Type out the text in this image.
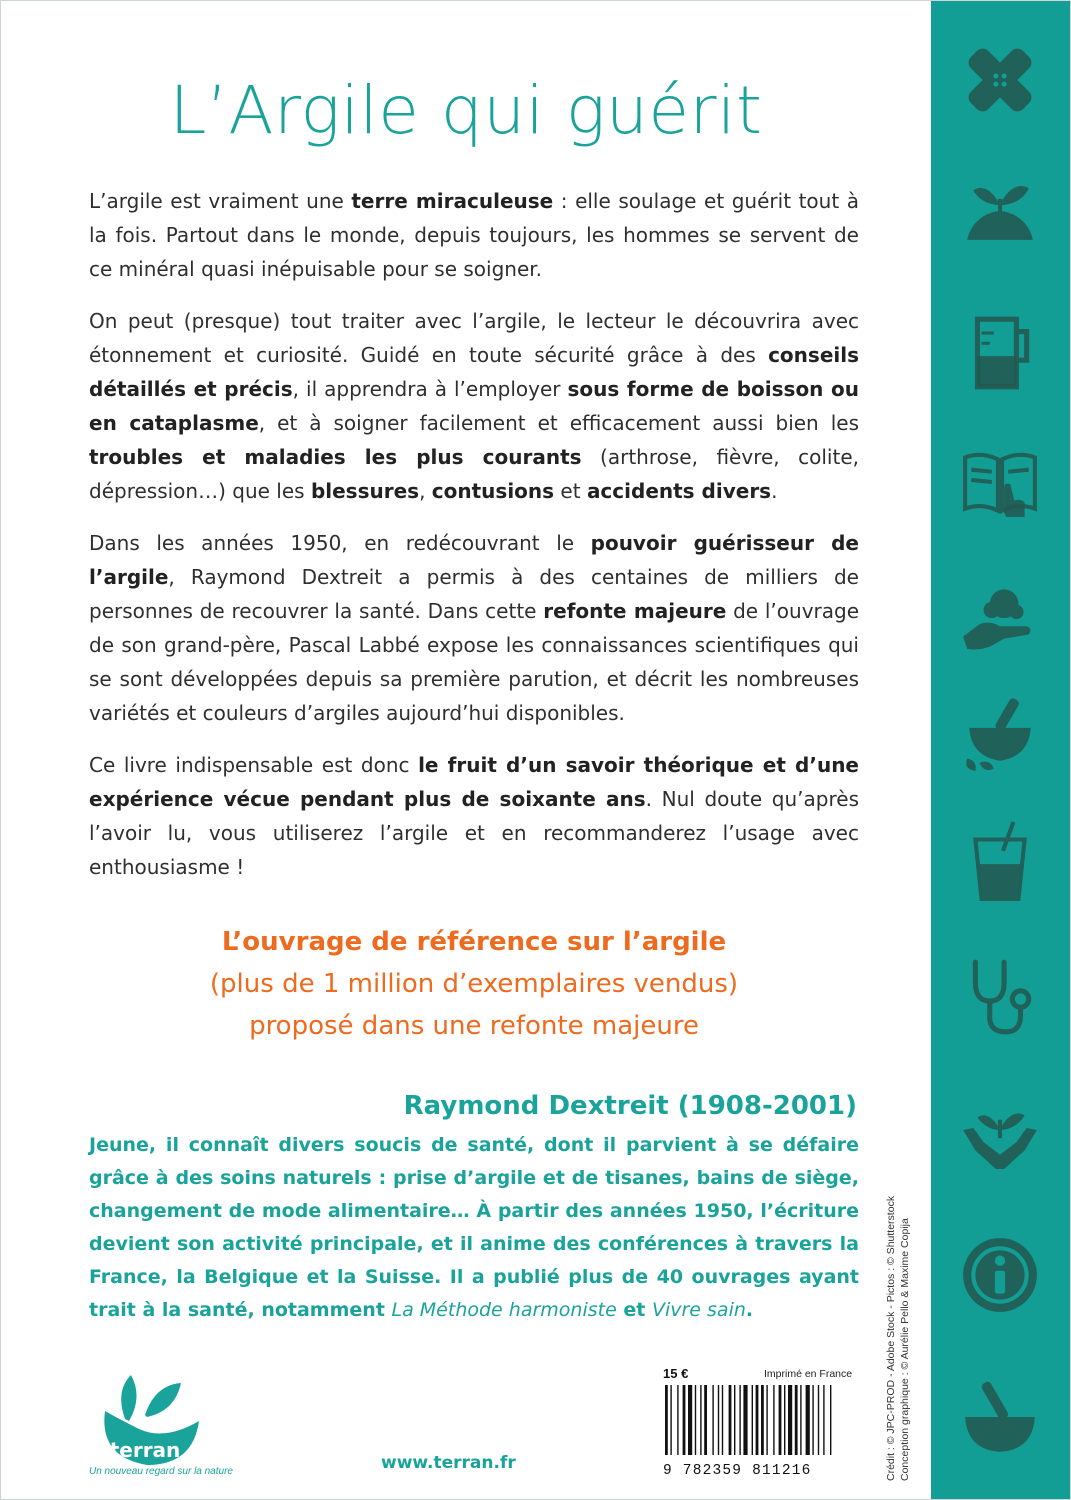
L’Argile qui guérit

L’argile est vraiment une terre miraculeuse : elle soulage et guérit tout à la fois. Partout dans le monde, depuis toujours, les hommes se servent de ce minéral quasi inépuisable pour se soigner.

On peut (presque) tout traiter avec l’argile, le lecteur le découvrira avec étonnement et curiosité. Guidé en toute sécurité grâce à des conseils détaillés et précis, il apprendra à l’employer sous forme de boisson ou en cataplasme, et à soigner facilement et efficacement aussi bien les troubles et maladies les plus courants (arthrose, fièvre, colite, dépression…) que les blessures, contusions et accidents divers.

Dans les années 1950, en redécouvrant le pouvoir guérisseur de l’argile, Raymond Dextreit a permis à des centaines de milliers de personnes de recouvrer la santé. Dans cette refonte majeure de l’ouvrage de son grand-père, Pascal Labbé expose les connaissances scientifiques qui se sont développées depuis sa première parution, et décrit les nombreuses variétés et couleurs d’argiles aujourd’hui disponibles.

Ce livre indispensable est donc le fruit d’un savoir théorique et d’une expérience vécue pendant plus de soixante ans. Nul doute qu’après l’avoir lu, vous utiliserez l’argile et en recommanderez l’usage avec enthousiasme !

L’ouvrage de référence sur l’argile
(plus de 1 million d’exemplaires vendus)
proposé dans une refonte majeure
Raymond Dextreit (1908-2001)
Jeune, il connaît divers soucis de santé, dont il parvient à se défaire grâce à des soins naturels : prise d’argile et de tisanes, bains de siège, changement de mode alimentaire… À partir des années 1950, l’écriture devient son activité principale, et il anime des conférences à travers la France, la Belgique et la Suisse. Il a publié plus de 40 ouvrages ayant trait à la santé, notamment La Méthode harmoniste et Vivre sain.	Crédit : © JPC-PROD - Adobe Stock - Pictos : © Shutterstock Conception graphique : © Aurélie Pello & Maxime Copija
terran
Un nouveau regard sur la nature	www.terran.fr
15 €	Imprimé en France
9 782359 811216
